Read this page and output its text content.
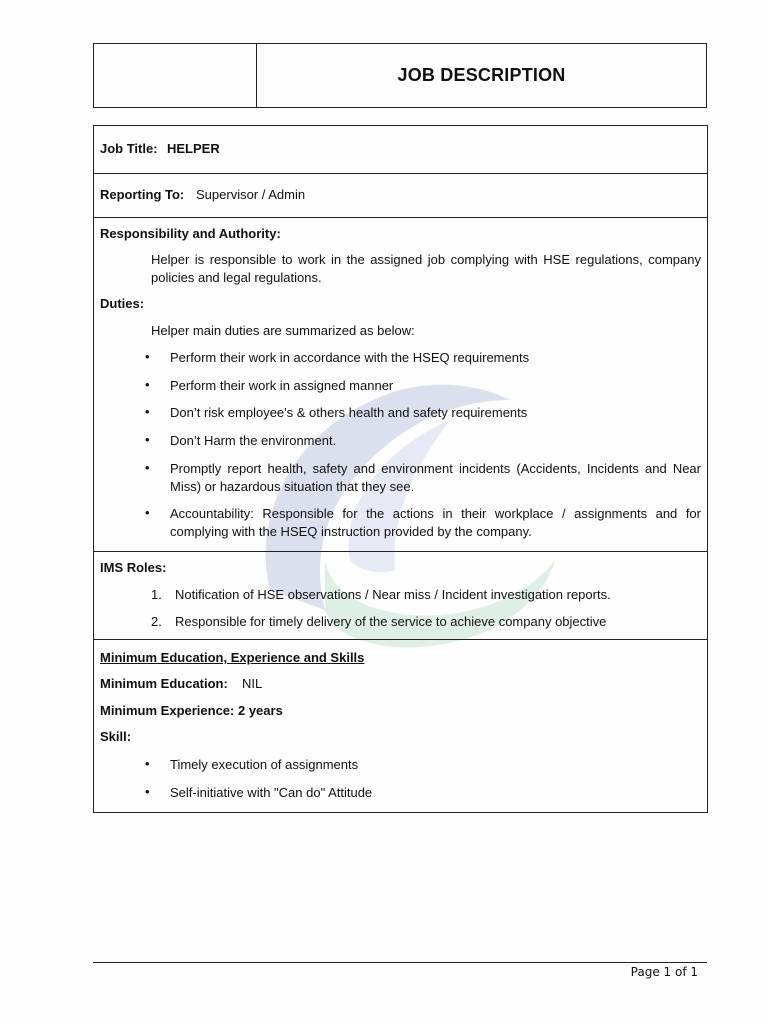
JOB DESCRIPTION
Job Title: HELPER
Reporting To: Supervisor / Admin
Responsibility and Authority:
Helper is responsible to work in the assigned job complying with HSE regulations, company policies and legal regulations.
Duties:
Helper main duties are summarized as below:
• Perform their work in accordance with the HSEQ requirements
• Perform their work in assigned manner
• Don’t risk employee's & others health and safety requirements
• Don’t Harm the environment.
• Promptly report health, safety and environment incidents (Accidents, Incidents and Near Miss) or hazardous situation that they see.
• Accountability: Responsible for the actions in their workplace / assignments and for complying with the HSEQ instruction provided by the company.
IMS Roles:
1. Notification of HSE observations / Near miss / Incident investigation reports.
2. Responsible for timely delivery of the service to achieve company objective
Minimum Education, Experience and Skills
Minimum Education: NIL
Minimum Experience: 2 years
Skill:
• Timely execution of assignments
• Self-initiative with "Can do" Attitude
Page 1 of 1
